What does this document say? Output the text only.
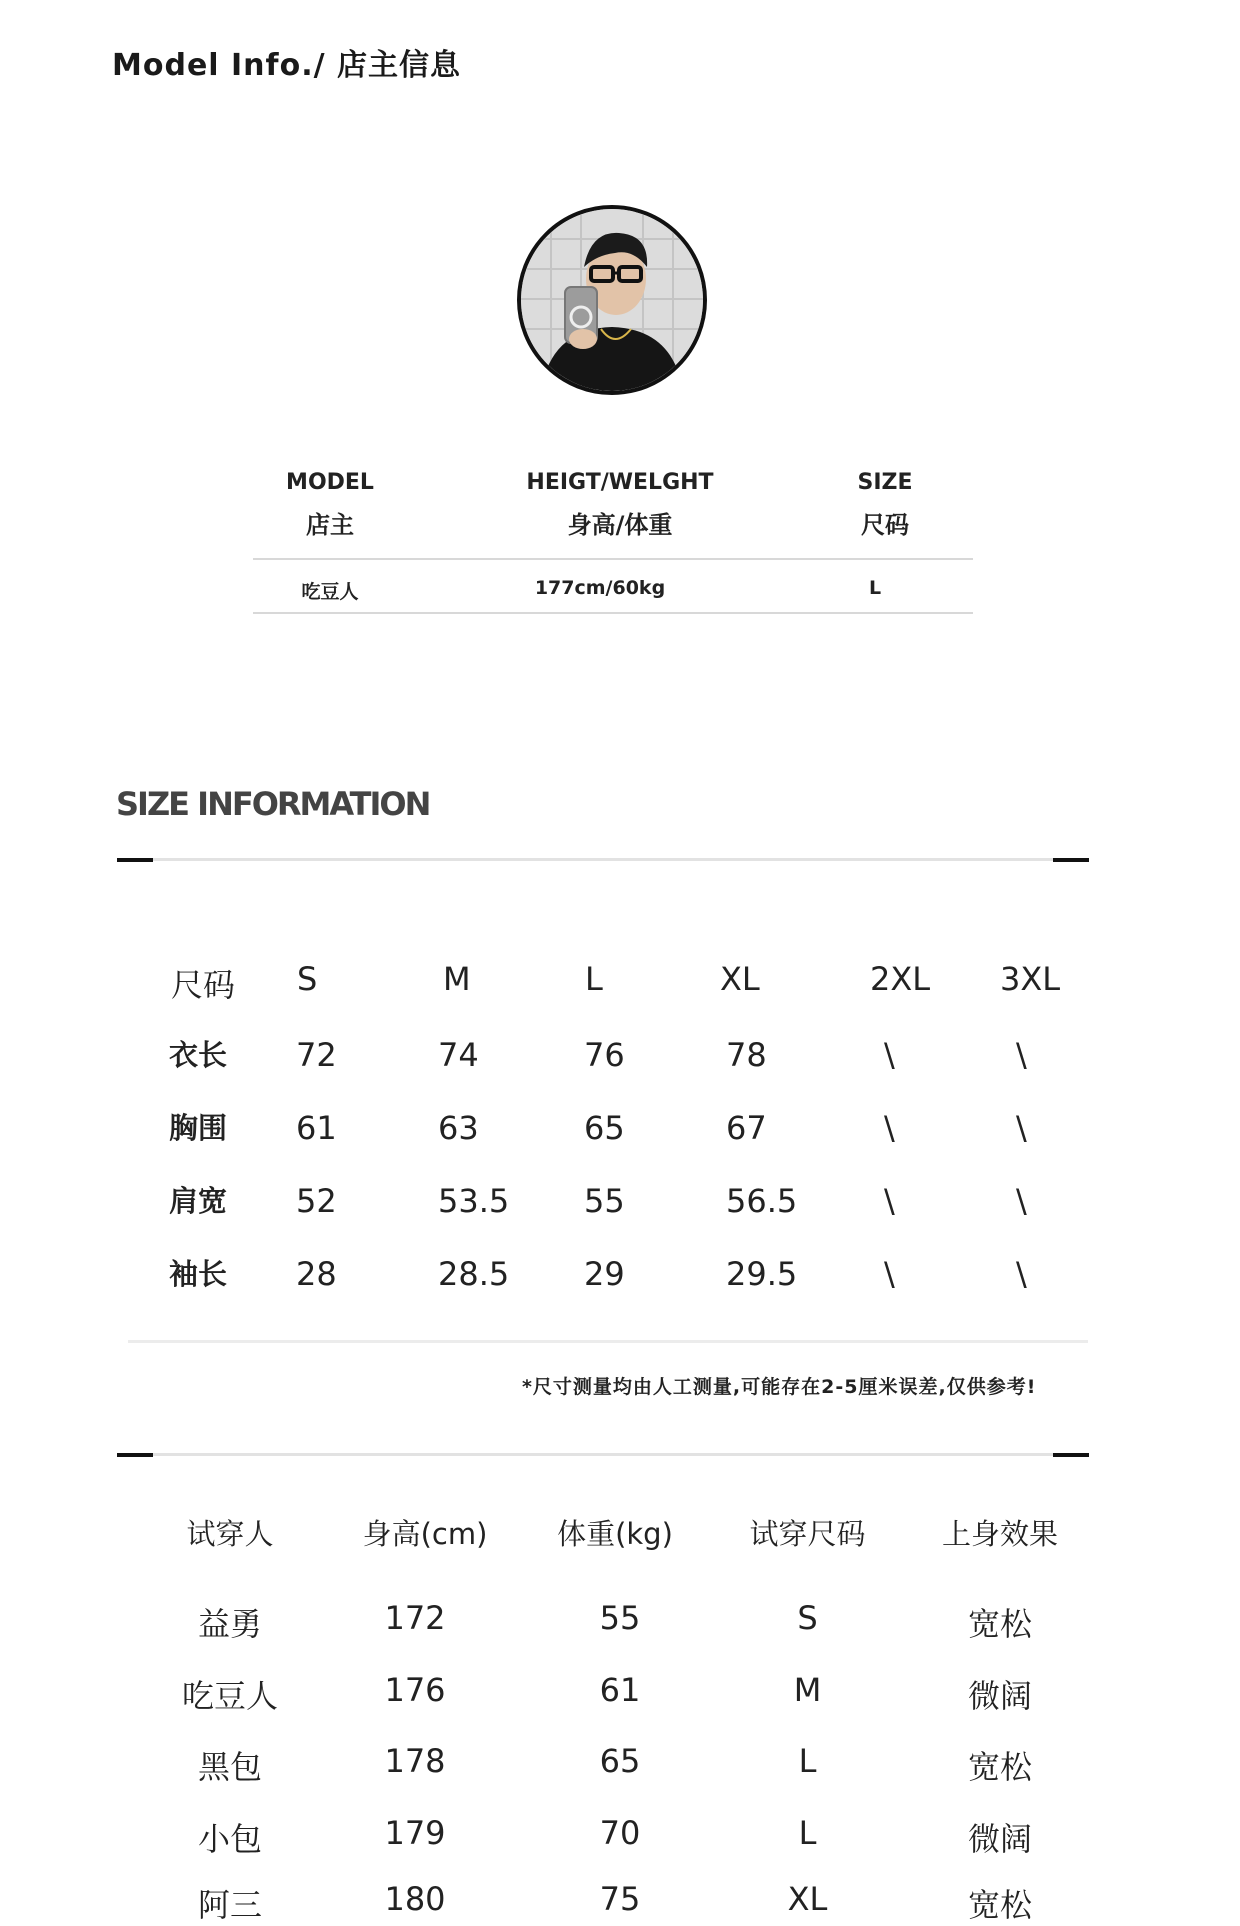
Model Info./ 店主信息
MODEL
店主
HEIGT/WELGHT
身高/体重
SIZE
尺码
吃豆人	177cm/60kg	L
SIZE INFORMATION
尺码 S	M	L	XL	2XL 3XL
衣长 72	74	76	78	\	\
胸围 61	63	65	67	\	\
肩宽 52	53.5 55	56.5	\	\
袖长 28	28.5 29	29.5	\	\
*尺寸测量均由人工测量,可能存在2-5厘米误差,仅供参考!
试穿人	身高(cm)	体重(kg)	试穿尺码	上身效果
益勇	172	55	S	宽松
吃豆人	176	61	M	微阔
黑包	178	65	L	宽松
小包	179	70	L	微阔
阿三	180	75	XL	宽松
